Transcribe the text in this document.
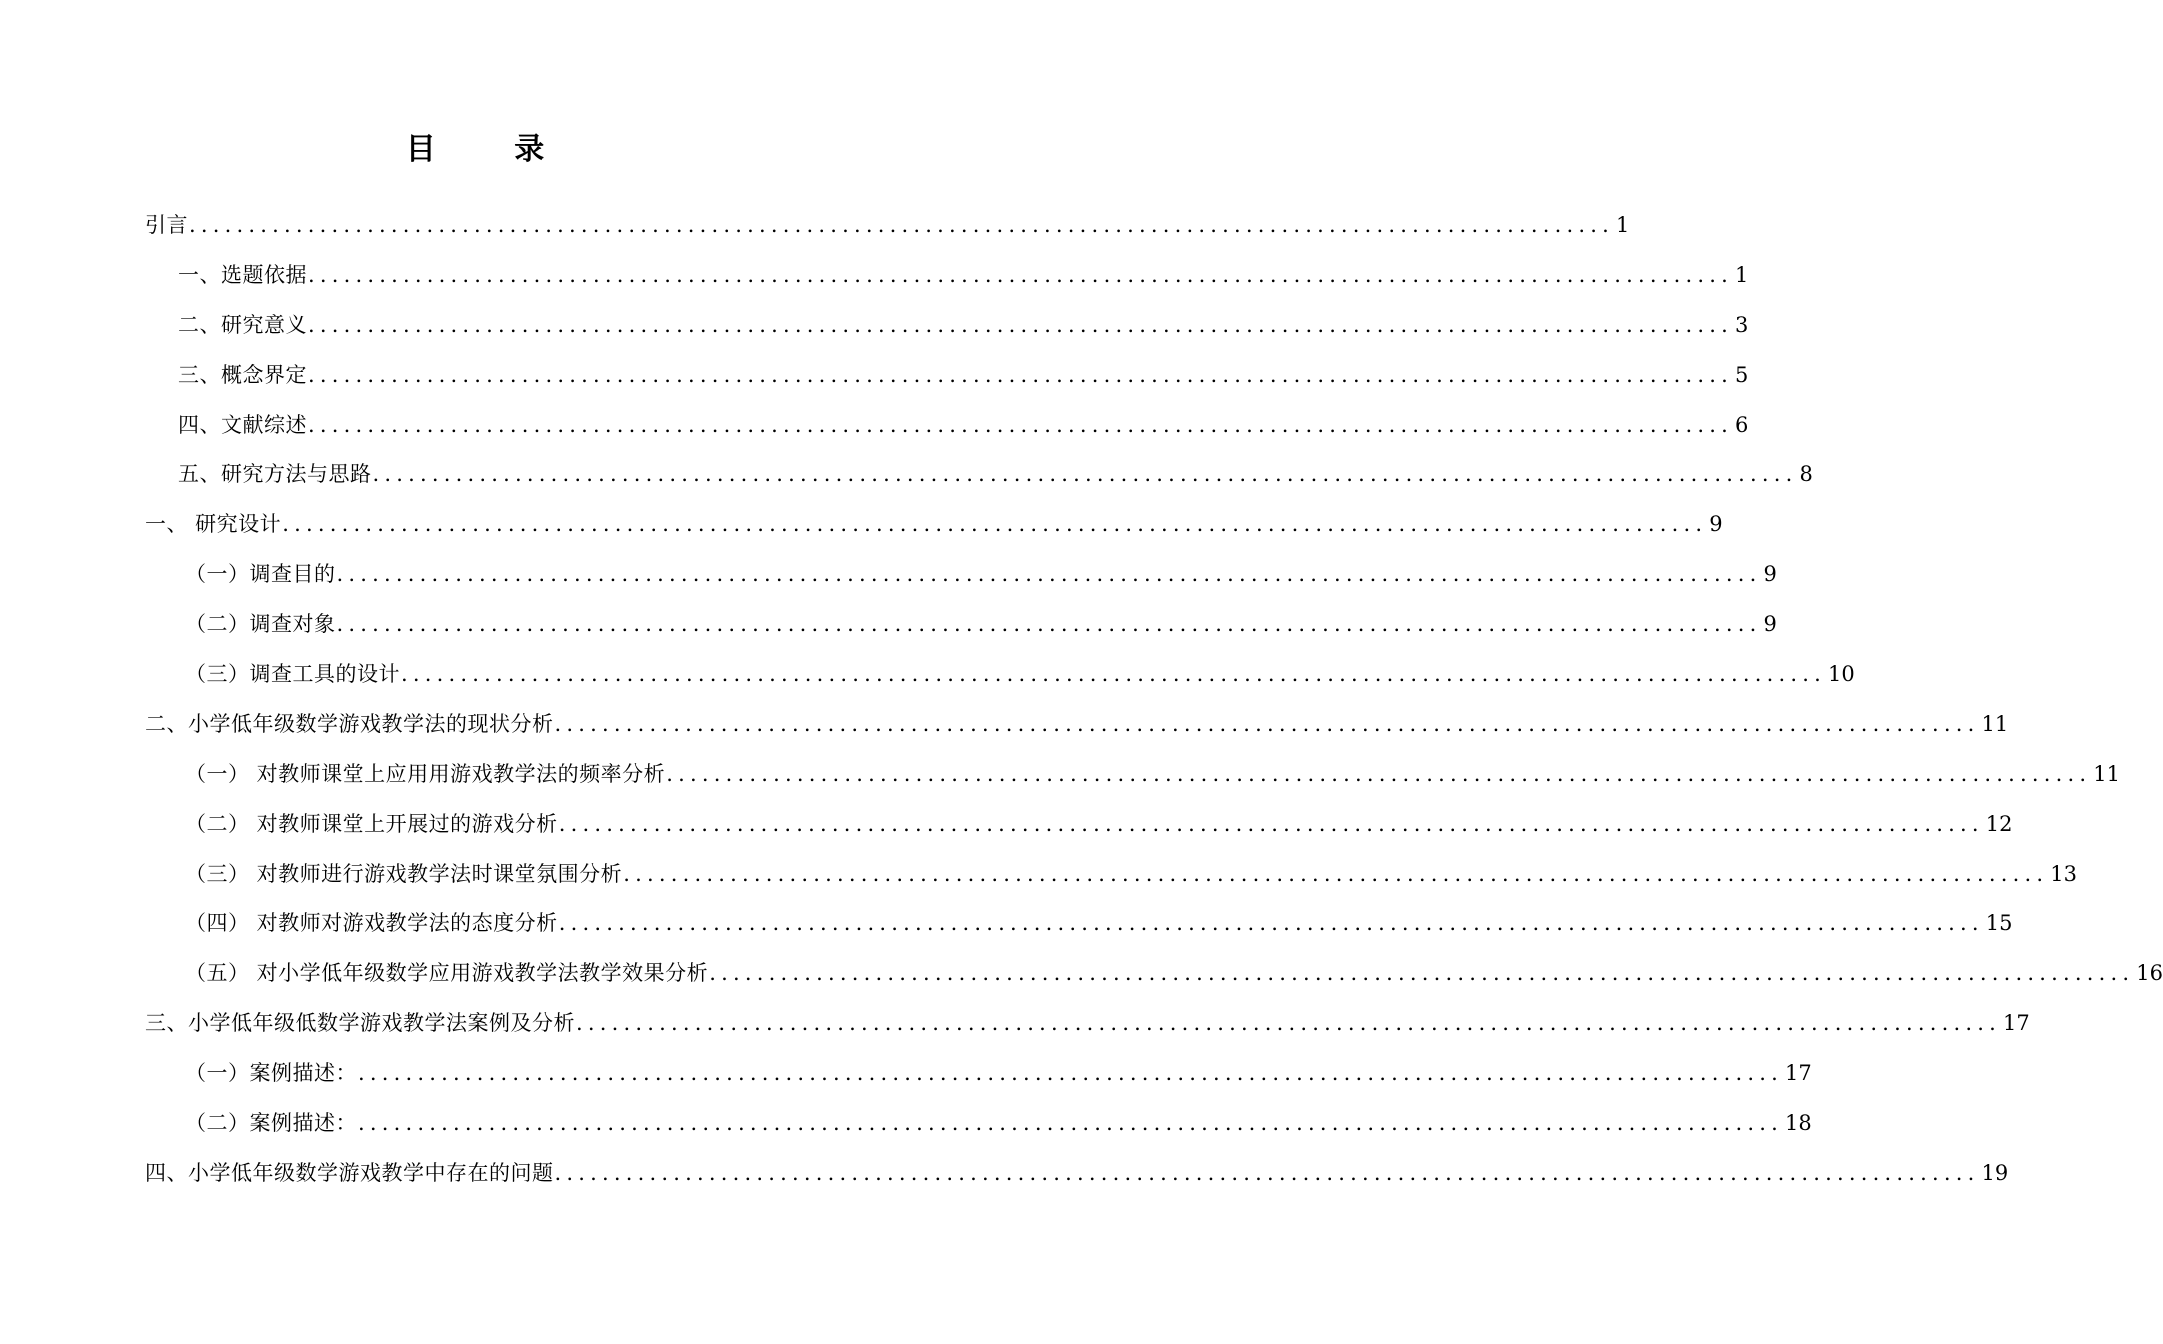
目 录
引言 ........................................................................................................................ 1
一、选题依据 ........................................................................................................................ 1
二、研究意义 ........................................................................................................................ 3
三、概念界定 ........................................................................................................................ 5
四、文献综述 ........................................................................................................................ 6
五、研究方法与思路 ........................................................................................................................ 8
一、 研究设计 ........................................................................................................................ 9
（一）调查目的 ........................................................................................................................ 9
（二）调查对象 ........................................................................................................................ 9
（三）调查工具的设计 ........................................................................................................................ 10
二、小学低年级数学游戏教学法的现状分析 ........................................................................................................................ 11
（一） 对教师课堂上应用用游戏教学法的频率分析 ........................................................................................................................ 11
（二） 对教师课堂上开展过的游戏分析 ........................................................................................................................ 12
（三） 对教师进行游戏教学法时课堂氛围分析 ........................................................................................................................ 13
（四） 对教师对游戏教学法的态度分析 ........................................................................................................................ 15
（五） 对小学低年级数学应用游戏教学法教学效果分析 ........................................................................................................................ 16
三、小学低年级低数学游戏教学法案例及分析 ........................................................................................................................ 17
（一）案例描述： ........................................................................................................................ 17
（二）案例描述： ........................................................................................................................ 18
四、小学低年级数学游戏教学中存在的问题 ........................................................................................................................ 19
